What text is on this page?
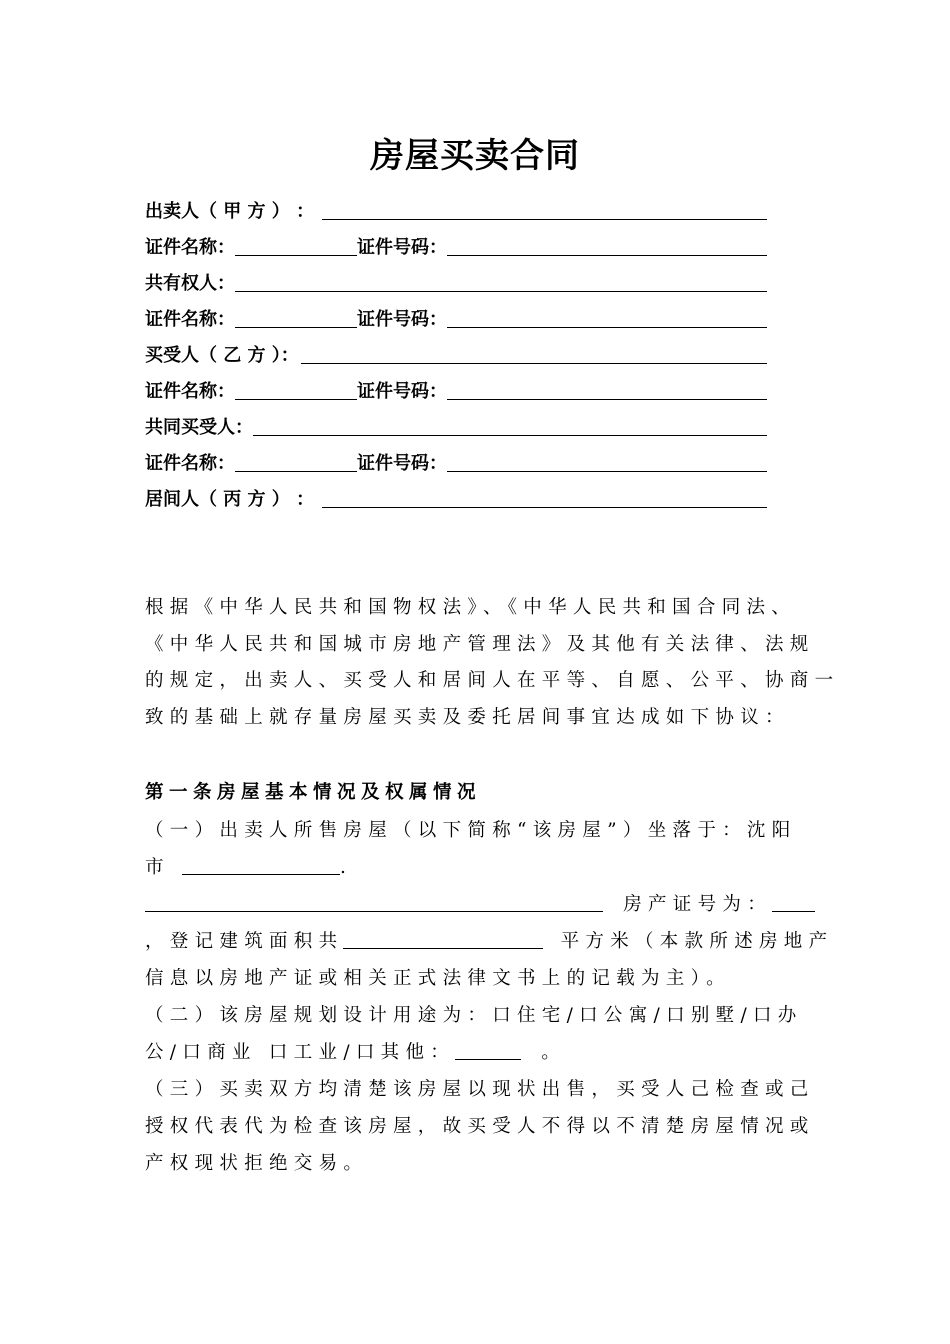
房屋买卖合同
出卖人（ 甲 方 ） ：
证件名称：	证件号码：
共有权人：
证件名称：	证件号码：
买受人（ 乙 方 ）：
证件名称：	证件号码：
共同买受人：
证件名称：	证件号码：
居间人（ 丙 方 ） ：
根据《中华人民共和国物权法》、《中华人民共和国合同法、
《中华人民共和国城市房地产管理法》及其他有关法律、法规
的规定，出卖人、买受人和居间人在平等、自愿、公平、协商一
致的基础上就存量房屋买卖及委托居间事宜达成如下协议：
第一条房屋基本情况及权属情况
（一）出卖人所售房屋（以下简称“该房屋”）坐落于：沈阳
市	.
房产证号为：
，登记建筑面积共	平方米（本款所述房地产
信息以房地产证或相关正式法律文书上的记载为主）。
（二）该房屋规划设计用途为：口住宅/口公寓/口别墅/口办
公/口商业 口工业/口其他：	。
（三）买卖双方均清楚该房屋以现状出售，买受人己检查或己
授权代表代为检查该房屋，故买受人不得以不清楚房屋情况或
产权现状拒绝交易。
